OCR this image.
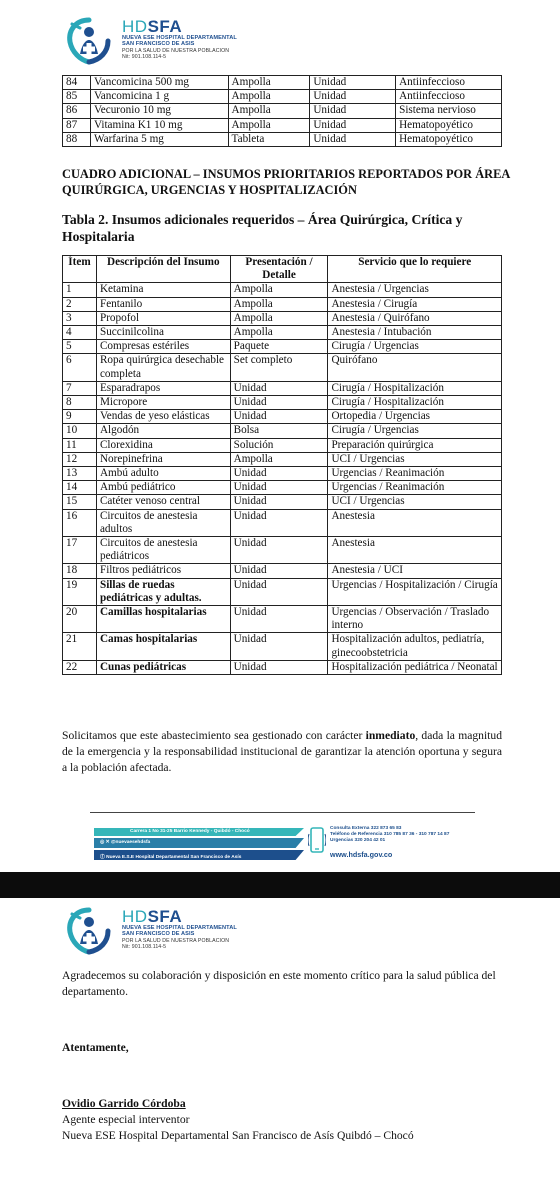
HDSFA
NUEVA ESE HOSPITAL DEPARTAMENTAL
SAN FRANCISCO DE ASIS
POR LA SALUD DE NUESTRA POBLACION
Nit: 901.108.114-5
84	Vancomicina 500 mg	Ampolla	Unidad	Antiinfeccioso
85	Vancomicina 1 g	Ampolla	Unidad	Antiinfeccioso
86	Vecuronio 10 mg	Ampolla	Unidad	Sistema nervioso
87	Vitamina K1 10 mg	Ampolla	Unidad	Hematopoyético
88	Warfarina 5 mg	Tableta	Unidad	Hematopoyético
CUADRO ADICIONAL – INSUMOS PRIORITARIOS REPORTADOS POR ÁREA QUIRÚRGICA, URGENCIAS Y HOSPITALIZACIÓN
Tabla 2. Insumos adicionales requeridos – Área Quirúrgica, Crítica y Hospitalaria
Ítem	Descripción del Insumo	Presentación / Detalle	Servicio que lo requiere
1	Ketamina	Ampolla	Anestesia / Urgencias
2	Fentanilo	Ampolla	Anestesia / Cirugía
3	Propofol	Ampolla	Anestesia / Quirófano
4	Succinilcolina	Ampolla	Anestesia / Intubación
5	Compresas estériles	Paquete	Cirugía / Urgencias
6	Ropa quirúrgica desechable completa	Set completo	Quirófano
7	Esparadrapos	Unidad	Cirugía / Hospitalización
8	Micropore	Unidad	Cirugía / Hospitalización
9	Vendas de yeso elásticas	Unidad	Ortopedia / Urgencias
10	Algodón	Bolsa	Cirugía / Urgencias
11	Clorexidina	Solución	Preparación quirúrgica
12	Norepinefrina	Ampolla	UCI / Urgencias
13	Ambú adulto	Unidad	Urgencias / Reanimación
14	Ambú pediátrico	Unidad	Urgencias / Reanimación
15	Catéter venoso central	Unidad	UCI / Urgencias
16	Circuitos de anestesia adultos	Unidad	Anestesia
17	Circuitos de anestesia pediátricos	Unidad	Anestesia
18	Filtros pediátricos	Unidad	Anestesia / UCI
19	Sillas de ruedas pediátricas y adultas.	Unidad	Urgencias / Hospitalización / Cirugía
20	Camillas hospitalarias	Unidad	Urgencias / Observación / Traslado interno
21	Camas hospitalarias	Unidad	Hospitalización adultos, pediatría, ginecoobstetricia
22	Cunas pediátricas	Unidad	Hospitalización pediátrica / Neonatal
Solicitamos que este abastecimiento sea gestionado con carácter inmediato, dada la magnitud de la emergencia y la responsabilidad institucional de garantizar la atención oportuna y segura a la población afectada.
Carrera 1 No 31-25 Barrio Kennedy - Quibdó - Chocó
◎ ✕ @nuevaesehdsfa
ⓕ Nueva E.S.E Hospital Departamental San Francisco de Asís
Consulta Externa 322 873 65 83
Teléfono de Referencia 310 785 87 36 - 310 787 14 87
Urgencias 320 204 42 01
www.hdsfa.gov.co
HDSFA
NUEVA ESE HOSPITAL DEPARTAMENTAL
SAN FRANCISCO DE ASIS
POR LA SALUD DE NUESTRA POBLACION
Nit: 901.108.114-5
Agradecemos su colaboración y disposición en este momento crítico para la salud pública del departamento.
Atentamente,
Ovidio Garrido Córdoba
Agente especial interventor
Nueva ESE Hospital Departamental San Francisco de Asís Quibdó – Chocó
